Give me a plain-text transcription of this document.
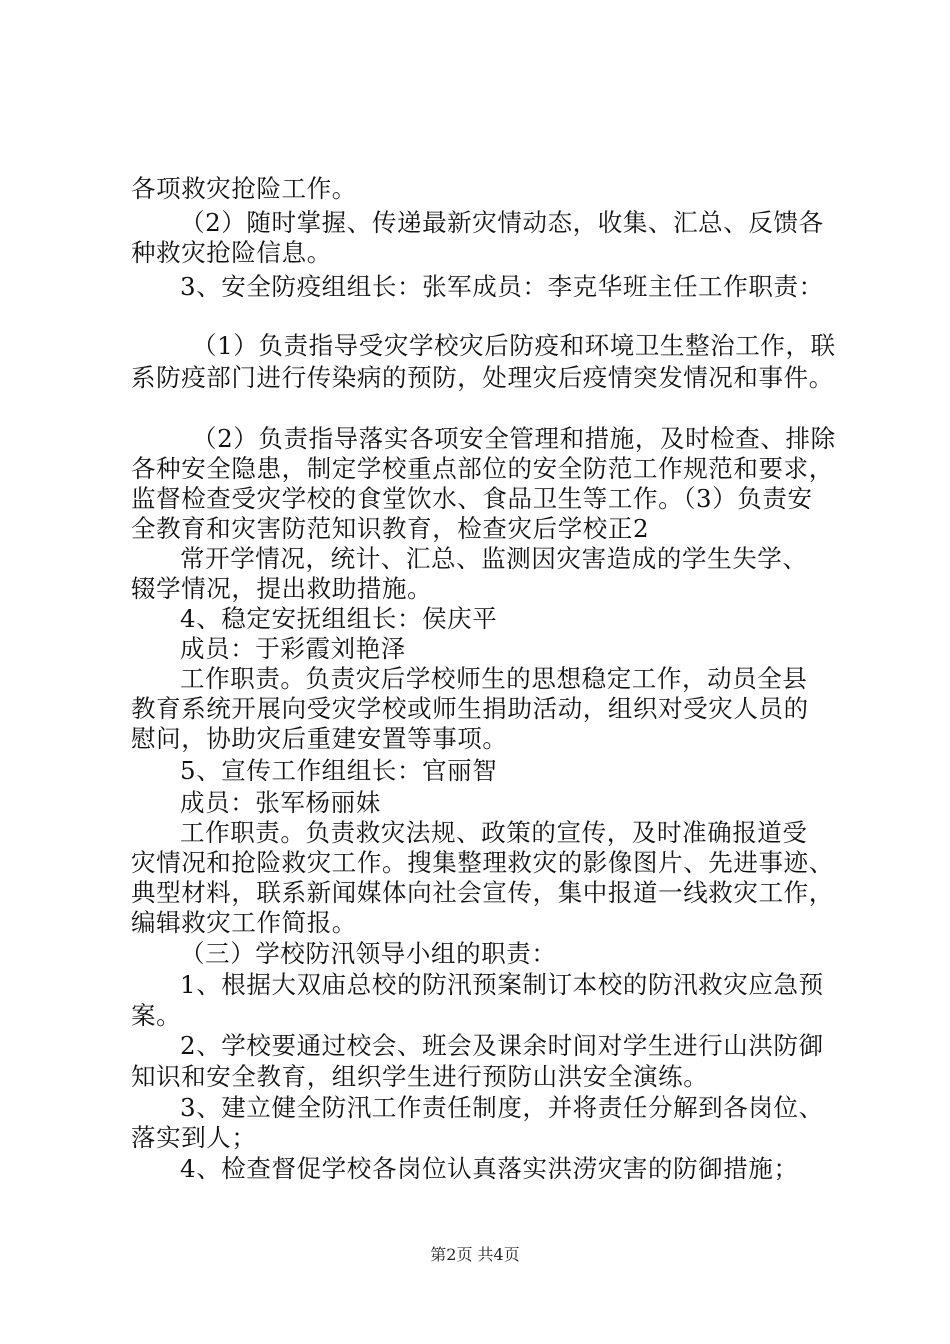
各项救灾抢险工作。
（2）随时掌握、传递最新灾情动态，收集、汇总、反馈各
种救灾抢险信息。
3、安全防疫组组长：张军成员：李克华班主任工作职责：
（1）负责指导受灾学校灾后防疫和环境卫生整治工作，联
系防疫部门进行传染病的预防，处理灾后疫情突发情况和事件。
（2）负责指导落实各项安全管理和措施，及时检查、排除
各种安全隐患，制定学校重点部位的安全防范工作规范和要求，
监督检查受灾学校的食堂饮水、食品卫生等工作。（3）负责安
全教育和灾害防范知识教育，检查灾后学校正2
常开学情况，统计、汇总、监测因灾害造成的学生失学、
辍学情况，提出救助措施。
4、稳定安抚组组长：侯庆平
成员：于彩霞刘艳泽
工作职责。负责灾后学校师生的思想稳定工作，动员全县
教育系统开展向受灾学校或师生捐助活动，组织对受灾人员的
慰问，协助灾后重建安置等事项。
5、宣传工作组组长：官丽智
成员：张军杨丽妹
工作职责。负责救灾法规、政策的宣传，及时准确报道受
灾情况和抢险救灾工作。搜集整理救灾的影像图片、先进事迹、
典型材料，联系新闻媒体向社会宣传，集中报道一线救灾工作，
编辑救灾工作简报。
（三）学校防汛领导小组的职责：
1、根据大双庙总校的防汛预案制订本校的防汛救灾应急预
案。
2、学校要通过校会、班会及课余时间对学生进行山洪防御
知识和安全教育，组织学生进行预防山洪安全演练。
3、建立健全防汛工作责任制度，并将责任分解到各岗位、
落实到人；
4、检查督促学校各岗位认真落实洪涝灾害的防御措施；
第2页 共4页
